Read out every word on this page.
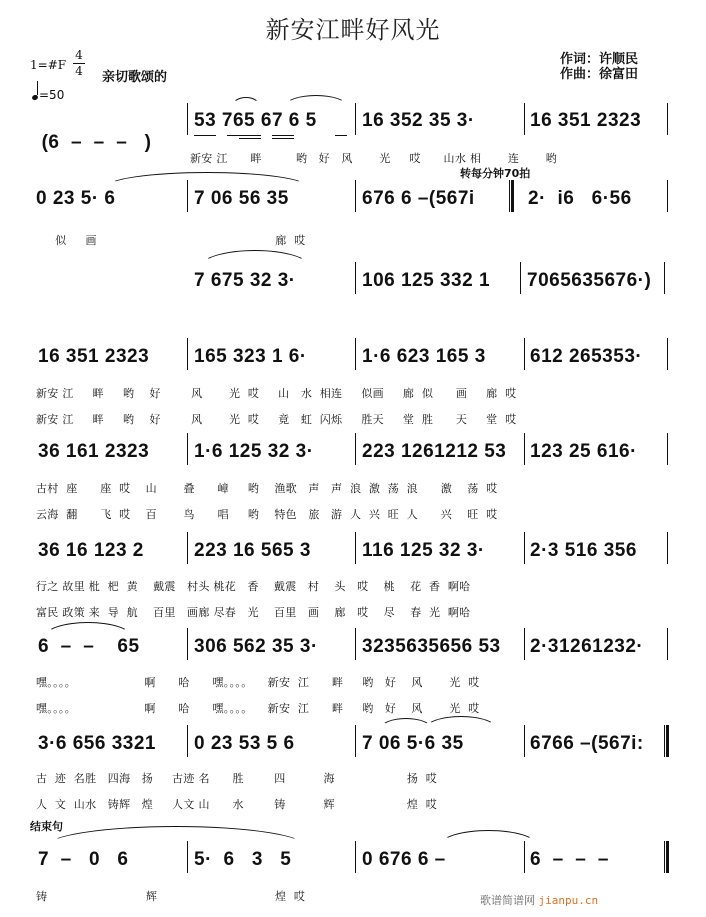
新安江畔好风光
1=#F
4
4 亲切歌颂的
=50
作词：许顺民
作曲：徐富田

(6  –  –  –   )

53 765 67 6 5 16 352 35 3·	16 351 2323
新安 江      畔         哟   好   风       光     哎      山水 相       连       哟
转每分钟70拍
0 23 5· 6	7 06 56 35	676 6 –(567i	2·  i6   6·56
似     画                                               廊  哎
7 675 32 3·	106 125 332 1 7065635676·)
16 351 2323 165 323 1 6·	1·6 623 165 3 612 265353·
新安 江     畔     哟    好        风       光  哎     山   水  相连     似画     廊  似      画     廊  哎
新安 江     畔     哟    好        风       光  哎     竟   虹  闪烁     胜天     堂  胜      天     堂  哎
36 161 2323 1·6 125 32 3·	223 1261212 53 123 25 616·
古村  座      座  哎    山       叠      嶂     哟    渔歌   声   声  浪  激  荡  浪      激    荡  哎
云海  翻      飞  哎    百       鸟      唱     哟    特色   旅   游  人  兴  旺  人      兴    旺  哎
36 16 123 2	223 16 565 3	116 125 32 3· 2·3 516 356
行之 故里 枇  杷  黄    戴震   村头 桃花   香    戴震   村    头   哎    桃    花  香  啊哈
富民 政策 来  导  航    百里   画廊 尽春   光    百里   画    廊   哎    尽    春  光  啊哈
6  –  –    65	306 562 35 3· 3235635656 53 2·31261232·
嘿。。。。                  啊      哈      嘿。。。。    新安  江      畔     哟   好    风       光  哎
嘿。。。。                  啊      哈      嘿。。。。    新安  江      畔     哟   好    风       光  哎
3·6 656 3321 0 23 53 5 6	7 06 5·6 35	6766 –(567i:
古  迹  名胜   四海   扬     古迹 名      胜        四          海                   扬  哎
人  文  山水   铸辉   煌     人文 山      水        铸          辉                   煌  哎
结束句
7  –   0   6	5·  6   3   5	0 676 6 –	6  –  –  –
铸                          辉                               煌  哎	歌谱简谱网 jianpu.cn
